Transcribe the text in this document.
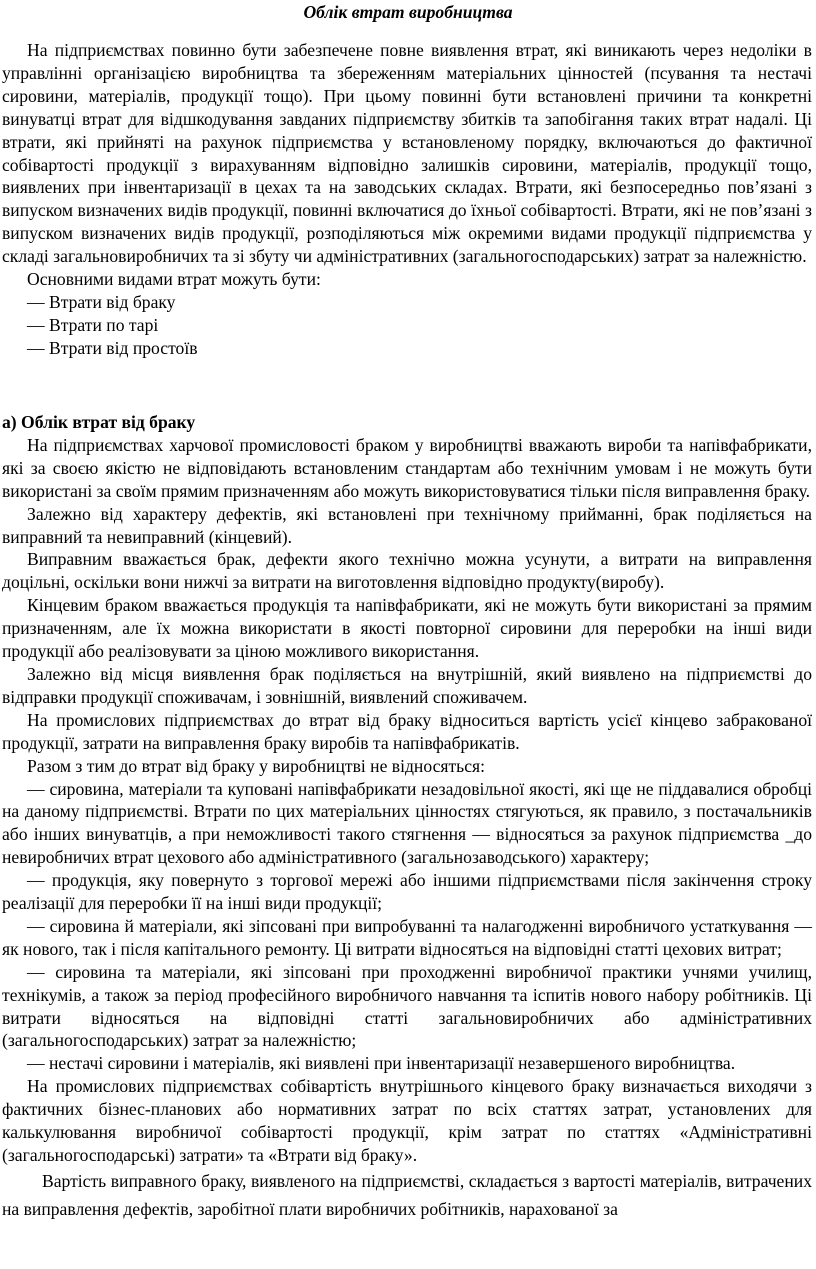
Облік втрат виробництва

На підприємствах повинно бути забезпечене повне виявлення втрат, які виникають через недоліки в управлінні організацією виробництва та збереженням матеріальних цінностей (псування та нестачі сировини, матеріалів, продукції тощо). При цьому повинні бути встановлені причини та конкретні винуватці втрат для відшкодування завданих підприємству збитків та запобігання таких втрат надалі. Ці втрати, які прийняті на рахунок підприємства у встановленому порядку, включаються до фактичної собівартості продукції з вирахуванням відповідно залишків сировини, матеріалів, продукції тощо, виявлених при інвентаризації в цехах та на заводських складах. Втрати, які безпосередньо пов’язані з випуском визначених видів продукції, повинні включатися до їхньої собівартості. Втрати, які не пов’язані з випуском визначених видів продукції, розподіляються між окремими видами продукції підприємства у складі загальновиробничих та зі збуту чи адміністративних (загальногосподарських) затрат за належністю.

Основними видами втрат можуть бути:

— Втрати від браку

— Втрати по тарі

— Втрати від простоїв

а) Облік втрат від браку

На підприємствах харчової промисловості браком у виробництві вважають вироби та напівфабрикати, які за своєю якістю не відповідають встановленим стандартам або технічним умовам і не можуть бути використані за своїм прямим призначенням або можуть використовуватися тільки після виправлення браку.

Залежно від характеру дефектів, які встановлені при технічному прийманні, брак поділяється на виправний та невиправний (кінцевий).

Виправним вважається брак, дефекти якого технічно можна усунути, а витрати на виправлення доцільні, оскільки вони нижчі за витрати на виготовлення відповідно продукту(виробу).

Кінцевим браком вважається продукція та напівфабрикати, які не можуть бути використані за прямим призначенням, але їх можна використати в якості повторної сировини для переробки на інші види продукції або реалізовувати за ціною можливого використання.

Залежно від місця виявлення брак поділяється на внутрішній, який виявлено на підприємстві до відправки продукції споживачам, і зовнішній, виявлений споживачем.

На промислових підприємствах до втрат від браку відноситься вартість усієї кінцево забракованої продукції, затрати на виправлення браку виробів та напівфабрикатів.

Разом з тим до втрат від браку у виробництві не відносяться:

— сировина, матеріали та куповані напівфабрикати незадовільної якості, які ще не піддавалися обробці на даному підприємстві. Втрати по цих матеріальних цінностях стягуються, як правило, з постачальників або інших винуватців, а при неможливості такого стягнення — відносяться за рахунок підприємства _до невиробничих втрат цехового або адміністративного (загальнозаводського) характеру;

— продукція, яку повернуто з торгової мережі або іншими підприємствами після закінчення строку реалізації для переробки її на інші види продукції;

— сировина й матеріали, які зіпсовані при випробуванні та налагодженні виробничого устаткування — як нового, так і після капітального ремонту. Ці витрати відносяться на відповідні статті цехових витрат;

— сировина та матеріали, які зіпсовані при проходженні виробничої практики учнями училищ, технікумів, а також за період професійного виробничого навчання та іспитів нового набору робітників. Ці витрати відносяться на відповідні статті загальновиробничих або адміністративних (загальногосподарських) затрат за належністю;

— нестачі сировини і матеріалів, які виявлені при інвентаризації незавершеного виробництва.

На промислових підприємствах собівартість внутрішнього кінцевого браку визначається виходячи з фактичних бізнес-планових або нормативних затрат по всіх статтях затрат, установлених для калькулювання виробничої собівартості продукції, крім затрат по статтях «Адміністративні (загальногосподарські) затрати» та «Втрати від браку».

Вартість виправного браку, виявленого на підприємстві, складається з вартості матеріалів, витрачених на виправлення дефектів, заробітної плати виробничих робітників, нарахованої за
